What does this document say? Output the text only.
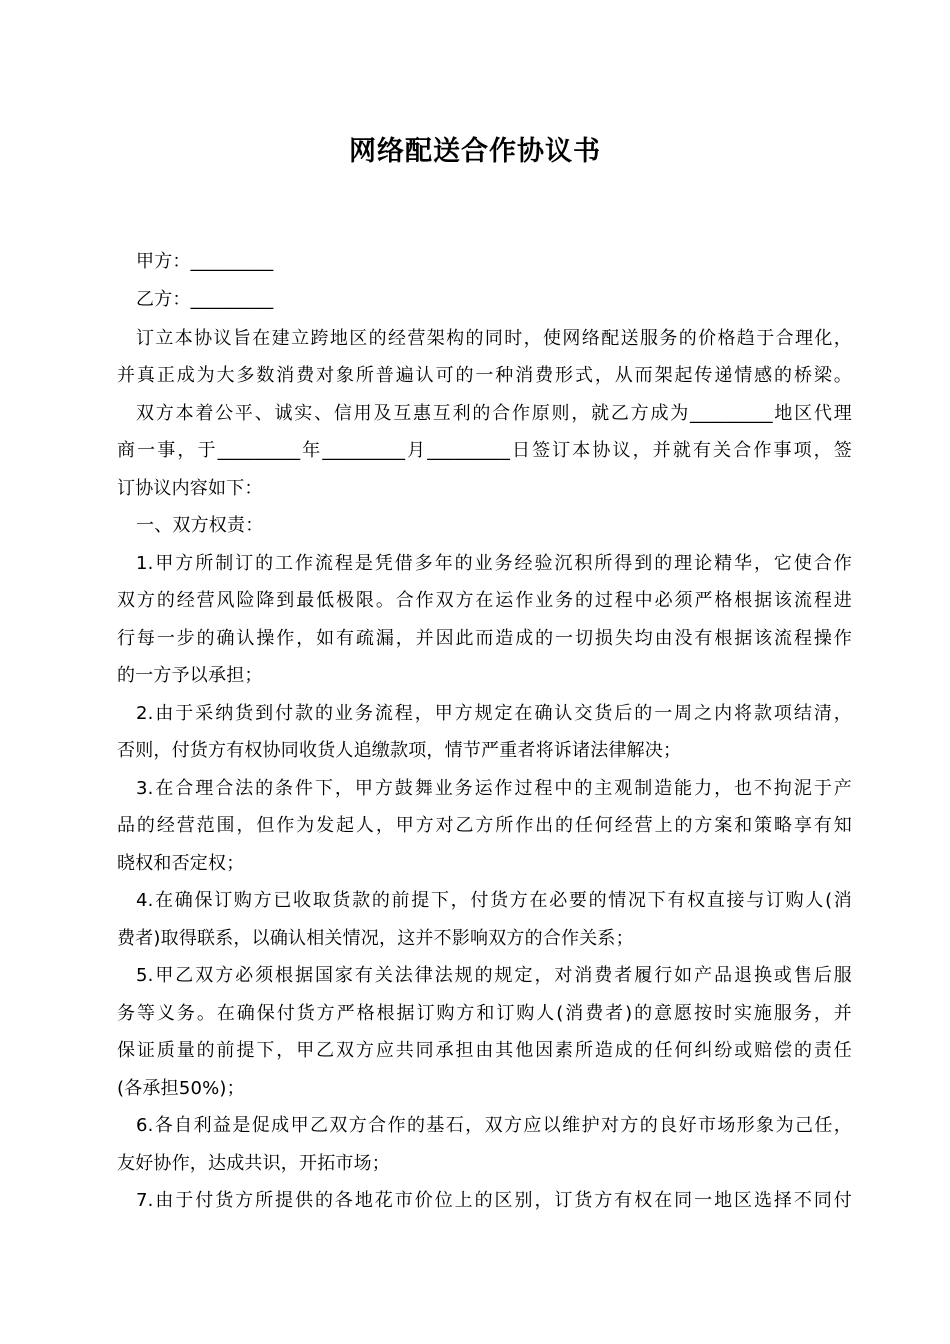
网络配送合作协议书
甲方：_________
乙方：_________
订立本协议旨在建立跨地区的经营架构的同时，使网络配送服务的价格趋于合理化，
并真正成为大多数消费对象所普遍认可的一种消费形式，从而架起传递情感的桥梁。
双方本着公平、诚实、信用及互惠互利的合作原则，就乙方成为_________地区代理
商一事，于_________年_________月_________日签订本协议，并就有关合作事项，签
订协议内容如下：
一、双方权责：
1.甲方所制订的工作流程是凭借多年的业务经验沉积所得到的理论精华，它使合作
双方的经营风险降到最低极限。合作双方在运作业务的过程中必须严格根据该流程进
行每一步的确认操作，如有疏漏，并因此而造成的一切损失均由没有根据该流程操作
的一方予以承担；
2.由于采纳货到付款的业务流程，甲方规定在确认交货后的一周之内将款项结清，
否则，付货方有权协同收货人追缴款项，情节严重者将诉诸法律解决；
3.在合理合法的条件下，甲方鼓舞业务运作过程中的主观制造能力，也不拘泥于产
品的经营范围，但作为发起人，甲方对乙方所作出的任何经营上的方案和策略享有知
晓权和否定权；
4.在确保订购方已收取货款的前提下，付货方在必要的情况下有权直接与订购人(消
费者)取得联系，以确认相关情况，这并不影响双方的合作关系；
5.甲乙双方必须根据国家有关法律法规的规定，对消费者履行如产品退换或售后服
务等义务。在确保付货方严格根据订购方和订购人(消费者)的意愿按时实施服务，并
保证质量的前提下，甲乙双方应共同承担由其他因素所造成的任何纠纷或赔偿的责任
(各承担50%)；
6.各自利益是促成甲乙双方合作的基石，双方应以维护对方的良好市场形象为己任，
友好协作，达成共识，开拓市场；
7.由于付货方所提供的各地花市价位上的区别，订货方有权在同一地区选择不同付
